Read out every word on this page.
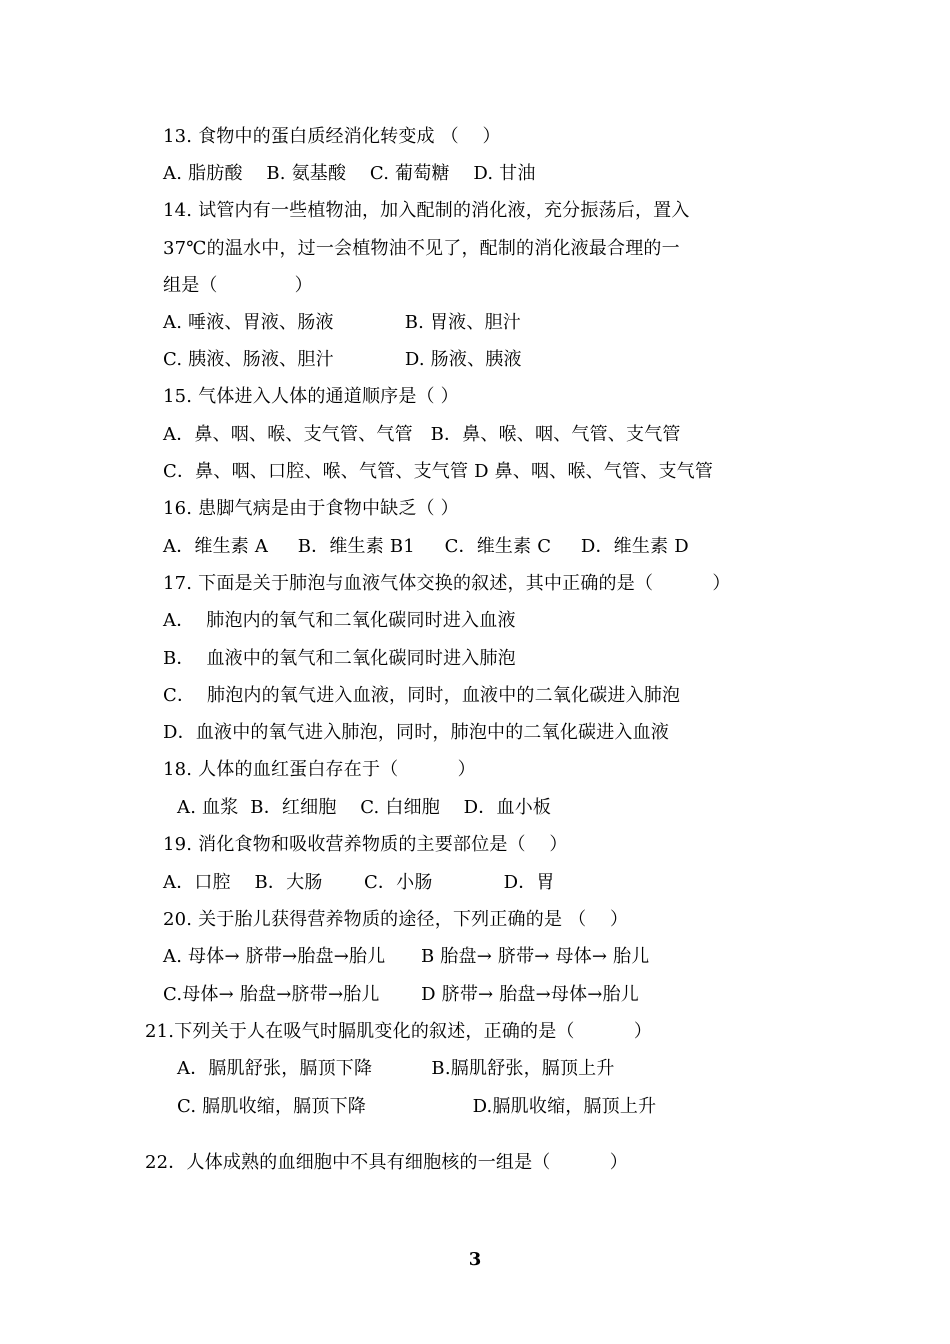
13. 食物中的蛋白质经消化转变成 （    ）
A. 脂肪酸    B. 氨基酸    C. 葡萄糖    D. 甘油
14. 试管内有一些植物油，加入配制的消化液，充分振荡后，置入
37℃的温水中，过一会植物油不见了，配制的消化液最合理的一
组是（             ）
A. 唾液、胃液、肠液            B. 胃液、胆汁
C. 胰液、肠液、胆汁            D. 肠液、胰液
15. 气体进入人体的通道顺序是（ ）
A．鼻、咽、喉、支气管、气管   B．鼻、喉、咽、气管、支气管
C．鼻、咽、口腔、喉、气管、支气管 D 鼻、咽、喉、气管、支气管
16. 患脚气病是由于食物中缺乏（ ）
A．维生素 A     B．维生素 B1     C．维生素 C     D．维生素 D
17. 下面是关于肺泡与血液气体交换的叙述，其中正确的是（          ）
A．  肺泡内的氧气和二氧化碳同时进入血液
B．  血液中的氧气和二氧化碳同时进入肺泡
C．  肺泡内的氧气进入血液，同时，血液中的二氧化碳进入肺泡
D．血液中的氧气进入肺泡，同时，肺泡中的二氧化碳进入血液
18. 人体的血红蛋白存在于（          ）
A. 血浆  B．红细胞    C. 白细胞    D．血小板
19. 消化食物和吸收营养物质的主要部位是（    ）
A．口腔    B．大肠       C．小肠            D．胃
20. 关于胎儿获得营养物质的途径，下列正确的是 （    ）
A. 母体→ 脐带→胎盘→胎儿      B 胎盘→ 脐带→ 母体→ 胎儿
C.母体→ 胎盘→脐带→胎儿       D 脐带→ 胎盘→母体→胎儿
21.下列关于人在吸气时膈肌变化的叙述，正确的是（          ）
A．膈肌舒张，膈顶下降          B.膈肌舒张，膈顶上升
C. 膈肌收缩，膈顶下降                  D.膈肌收缩，膈顶上升
22．人体成熟的血细胞中不具有细胞核的一组是（          ）
3
